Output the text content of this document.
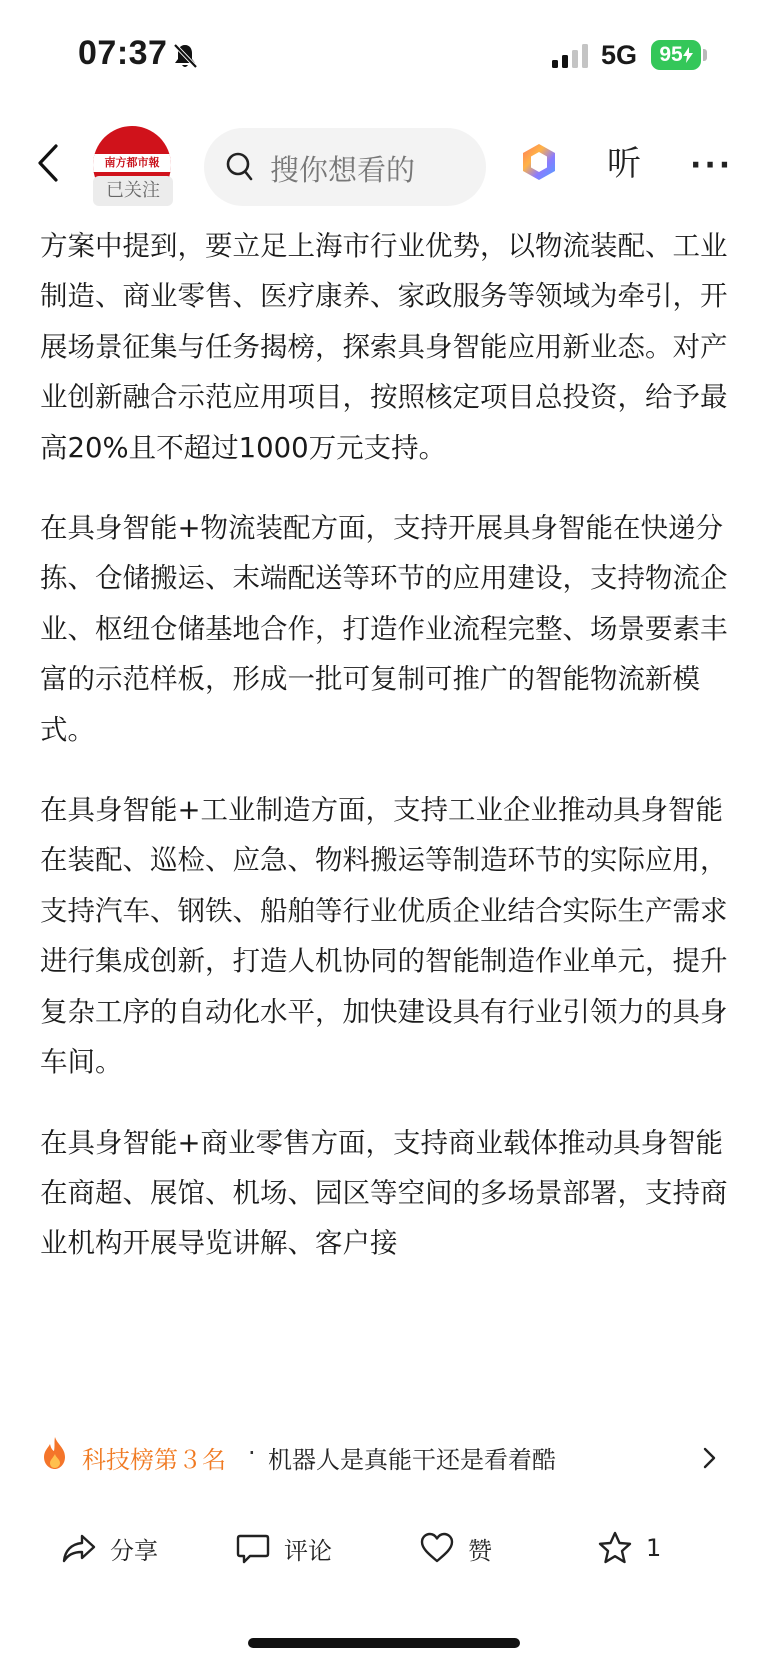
07:37	5G 95
南方都市報
已关注
搜你想看的	听 ···

方案中提到，要立足上海市行业优势，以物流装配、工业制造、商业零售、医疗康养、家政服务等领域为牵引，开展场景征集与任务揭榜，探索具身智能应用新业态。对产业创新融合示范应用项目，按照核定项目总投资，给予最高20%且不超过1000万元支持。

在具身智能+物流装配方面，支持开展具身智能在快递分拣、仓储搬运、末端配送等环节的应用建设，支持物流企业、枢纽仓储基地合作，打造作业流程完整、场景要素丰富的示范样板，形成一批可复制可推广的智能物流新模式。

在具身智能+工业制造方面，支持工业企业推动具身智能在装配、巡检、应急、物料搬运等制造环节的实际应用，支持汽车、钢铁、船舶等行业优质企业结合实际生产需求进行集成创新，打造人机协同的智能制造作业单元，提升复杂工序的自动化水平，加快建设具有行业引领力的具身车间。

在具身智能+商业零售方面，支持商业载体推动具身智能在商超、展馆、机场、园区等空间的多场景部署，支持商业机构开展导览讲解、客户接

科技榜第３名 · 机器人是真能干还是看着酷
分享	评论	赞	1
